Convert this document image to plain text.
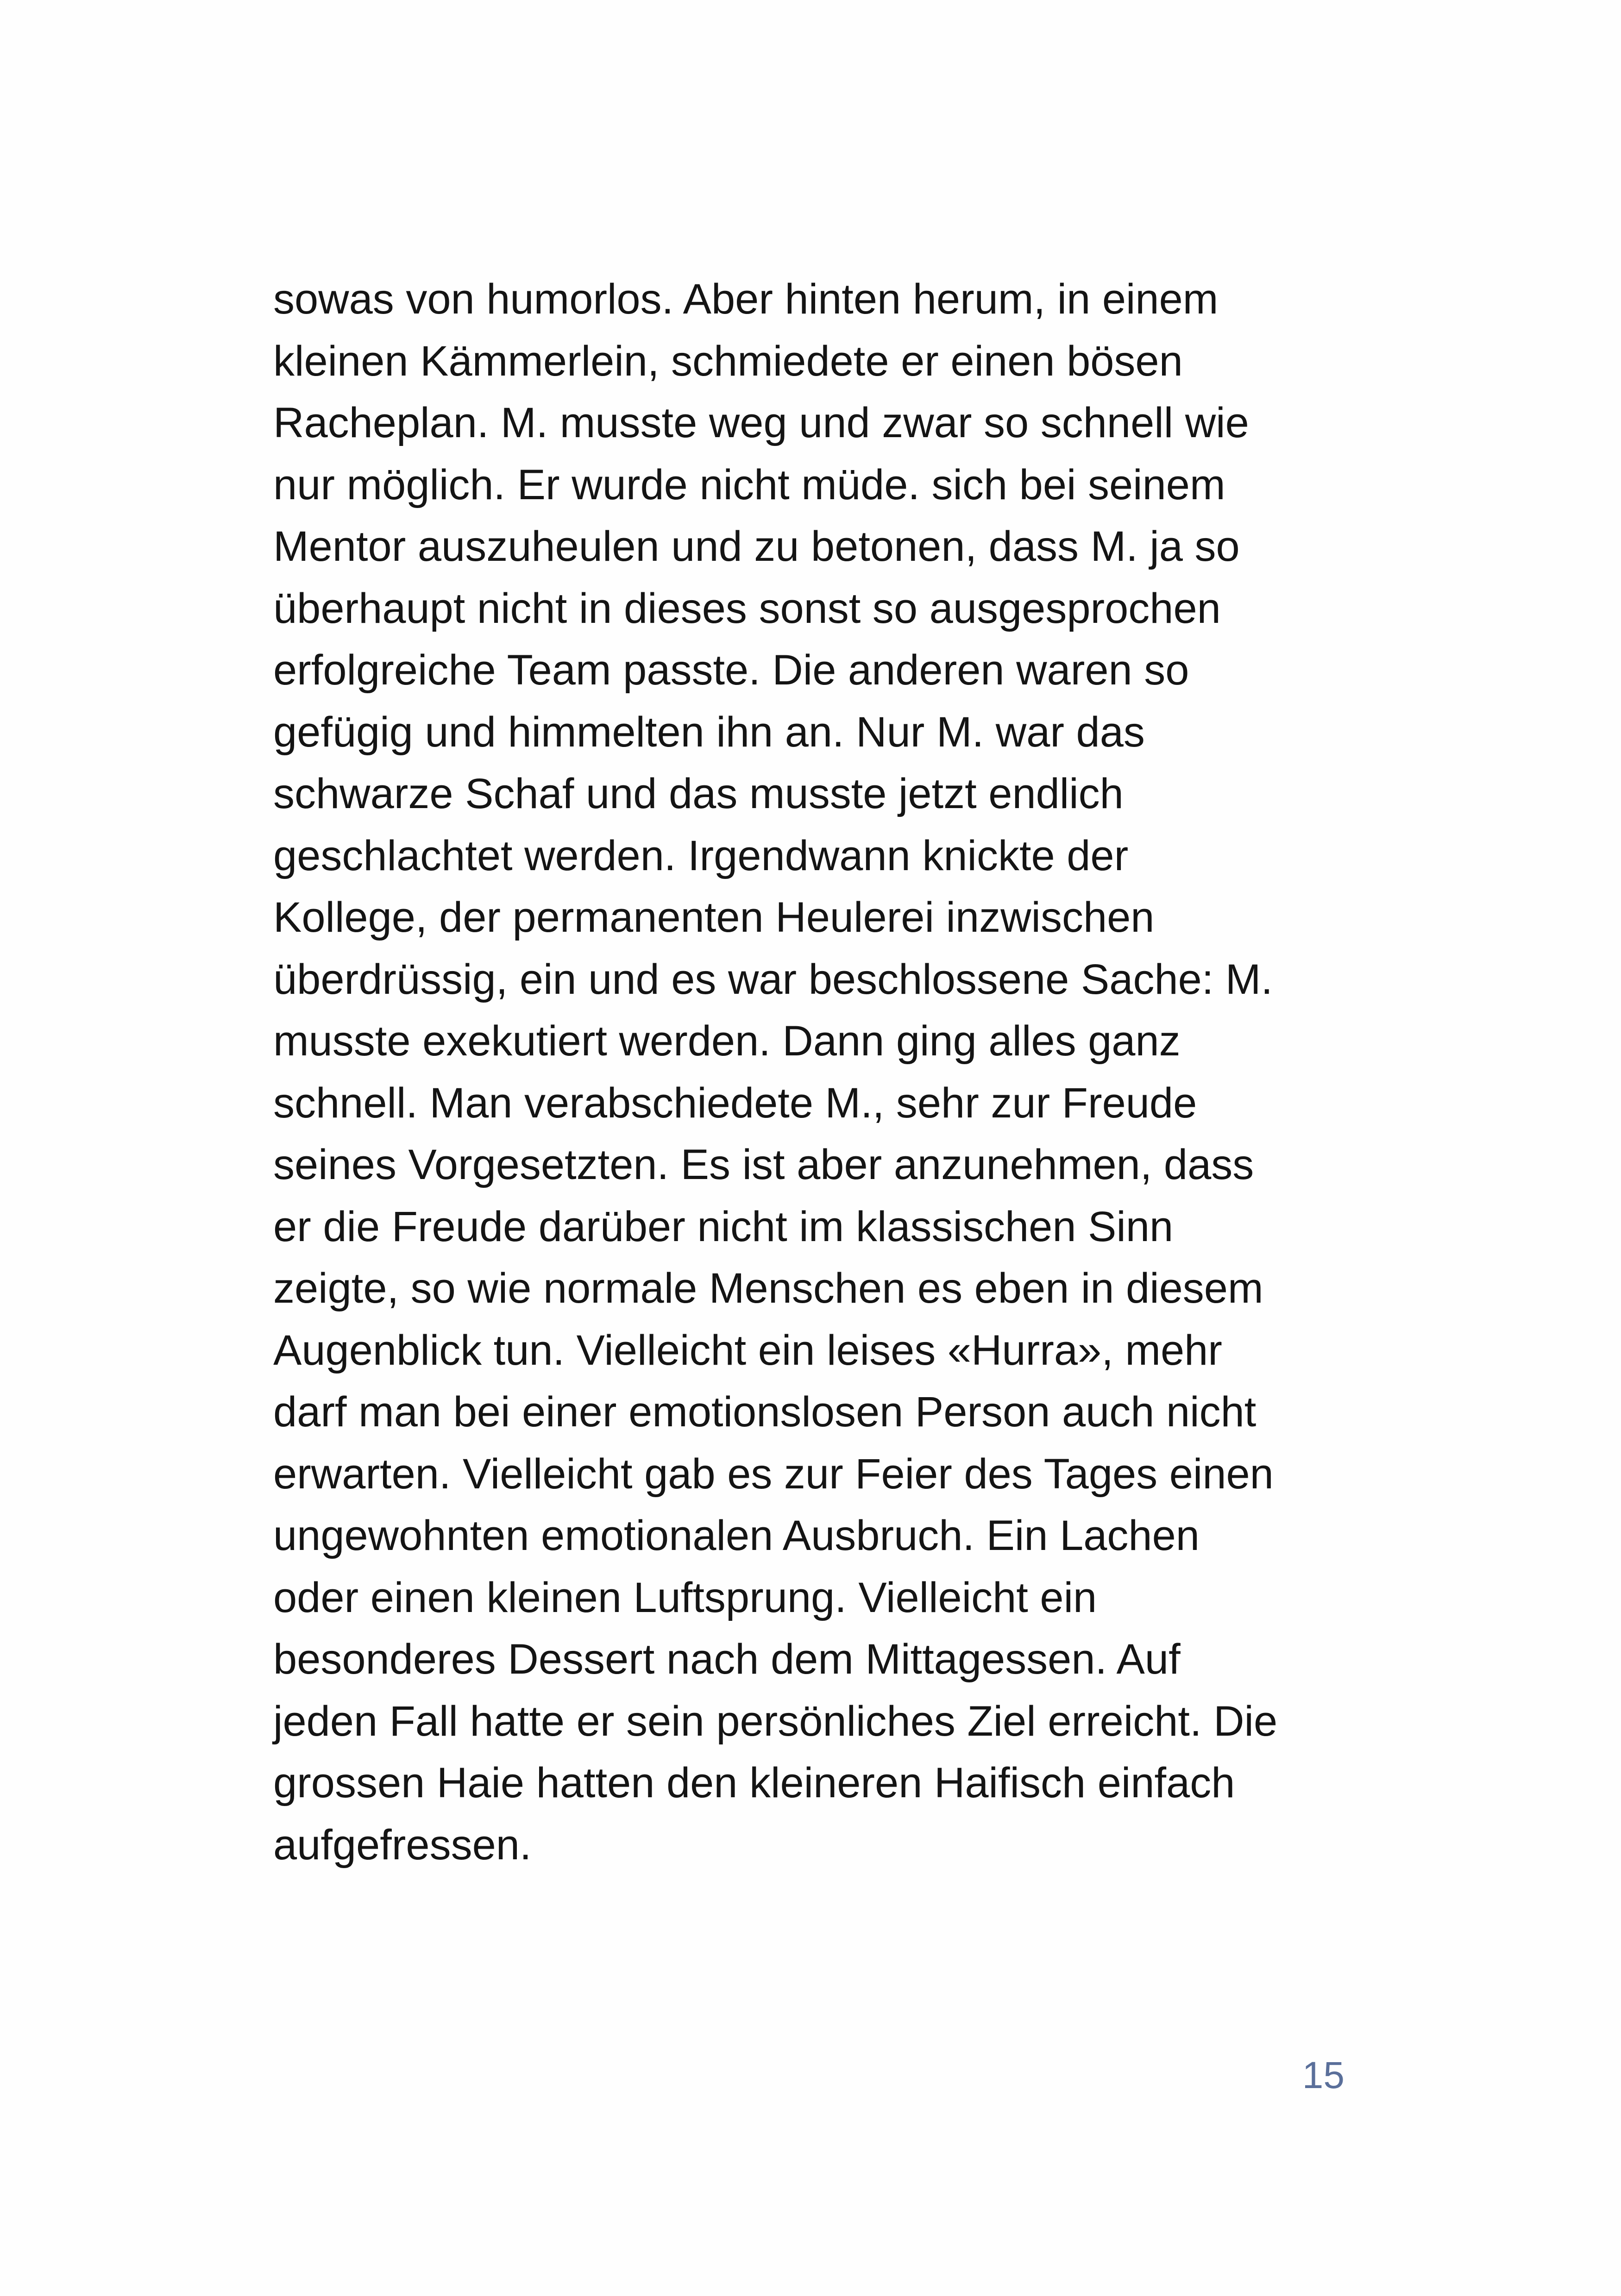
sowas von humorlos. Aber hinten herum, in einem
kleinen Kämmerlein, schmiedete er einen bösen
Racheplan. M. musste weg und zwar so schnell wie
nur möglich. Er wurde nicht müde. sich bei seinem
Mentor auszuheulen und zu betonen, dass M. ja so
überhaupt nicht in dieses sonst so ausgesprochen
erfolgreiche Team passte. Die anderen waren so
gefügig und himmelten ihn an. Nur M. war das
schwarze Schaf und das musste jetzt endlich
geschlachtet werden. Irgendwann knickte der
Kollege, der permanenten Heulerei inzwischen
überdrüssig, ein und es war beschlossene Sache: M.
musste exekutiert werden. Dann ging alles ganz
schnell. Man verabschiedete M., sehr zur Freude
seines Vorgesetzten. Es ist aber anzunehmen, dass
er die Freude darüber nicht im klassischen Sinn
zeigte, so wie normale Menschen es eben in diesem
Augenblick tun. Vielleicht ein leises «Hurra», mehr
darf man bei einer emotionslosen Person auch nicht
erwarten. Vielleicht gab es zur Feier des Tages einen
ungewohnten emotionalen Ausbruch. Ein Lachen
oder einen kleinen Luftsprung. Vielleicht ein
besonderes Dessert nach dem Mittagessen. Auf
jeden Fall hatte er sein persönliches Ziel erreicht. Die
grossen Haie hatten den kleineren Haifisch einfach
aufgefressen.
15
